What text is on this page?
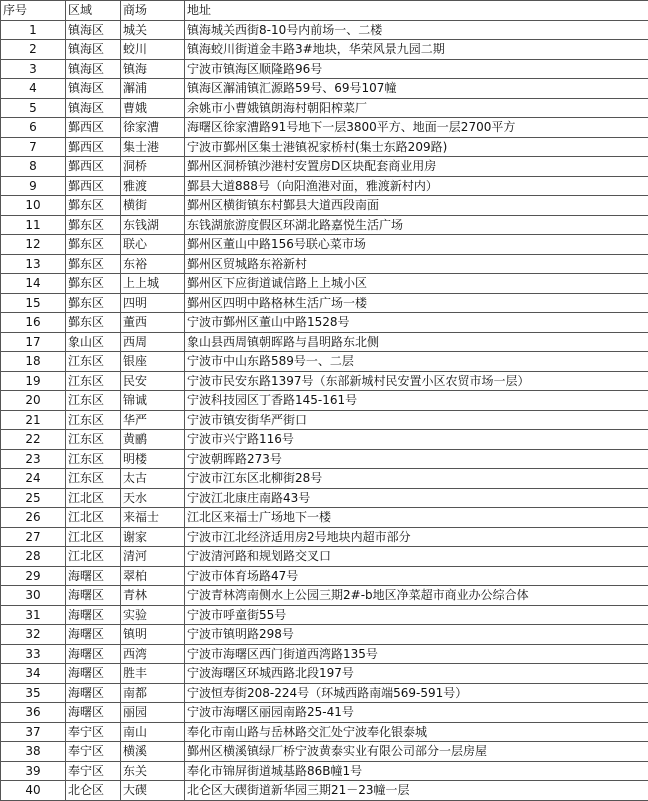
序号	区域	商场	地址
1	镇海区	城关	镇海城关西街8-10号内前场一、二楼
2	镇海区	蛟川	镇海蛟川街道金丰路3#地块，华荣风景九园二期
3	镇海区	镇海	宁波市镇海区顺隆路96号
4	镇海区	澥浦	镇海区澥浦镇汇源路59号、69号107幢
5	镇海区	曹娥	余姚市小曹娥镇朗海村朝阳榨菜厂
6	鄞西区	徐家漕	海曙区徐家漕路91号地下一层3800平方、地面一层2700平方
7	鄞西区	集士港	宁波市鄞州区集士港镇祝家桥村(集士东路209路)
8	鄞西区	洞桥	鄞州区洞桥镇沙港村安置房D区块配套商业用房
9	鄞西区	雅渡	鄞县大道888号（向阳渔港对面，雅渡新村内）
10	鄞东区	横街	鄞州区横街镇东村鄞县大道西段南面
11	鄞东区	东钱湖	东钱湖旅游度假区环湖北路嘉悦生活广场
12	鄞东区	联心	鄞州区董山中路156号联心菜市场
13	鄞东区	东裕	鄞州区贸城路东裕新村
14	鄞东区	上上城	鄞州区下应街道诚信路上上城小区
15	鄞东区	四明	鄞州区四明中路格林生活广场一楼
16	鄞东区	董西	宁波市鄞州区董山中路1528号
17	象山区	西周	象山县西周镇朝晖路与昌明路东北侧
18	江东区	银座	宁波市中山东路589号一、二层
19	江东区	民安	宁波市民安东路1397号（东部新城村民安置小区农贸市场一层）
20	江东区	锦诚	宁波科技园区丁香路145-161号
21	江东区	华严	宁波市镇安街华严街口
22	江东区	黄鹂	宁波市兴宁路116号
23	江东区	明楼	宁波朝晖路273号
24	江东区	太古	宁波市江东区北柳街28号
25	江北区	天水	宁波江北康庄南路43号
26	江北区	来福士	江北区来福士广场地下一楼
27	江北区	谢家	宁波市江北经济适用房2号地块内超市部分
28	江北区	清河	宁波清河路和规划路交叉口
29	海曙区	翠柏	宁波市体育场路47号
30	海曙区	青林	宁波青林湾南侧水上公园三期2#-b地区净菜超市商业办公综合体
31	海曙区	实验	宁波市呼童街55号
32	海曙区	镇明	宁波市镇明路298号
33	海曙区	西湾	宁波市海曙区西门街道西湾路135号
34	海曙区	胜丰	宁波海曙区环城西路北段197号
35	海曙区	南都	宁波恒寿街208-224号（环城西路南端569-591号）
36	海曙区	丽园	宁波市海曙区丽园南路25-41号
37	奉宁区	南山	奉化市南山路与岳林路交汇处宁波奉化银泰城
38	奉宁区	横溪	鄞州区横溪镇绿厂桥宁波黄泰实业有限公司部分一层房屋
39	奉宁区	东关	奉化市锦屏街道城基路86B幢1号
40	北仑区	大碶	北仑区大碶街道新华园三期21－23幢一层
